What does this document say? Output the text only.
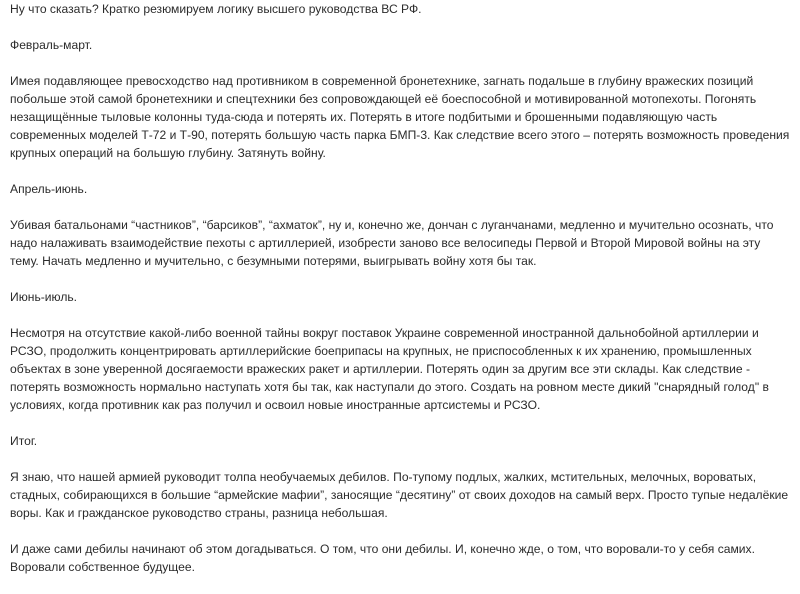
Ну что сказать? Кратко резюмируем логику высшего руководства ВС РФ.

Февраль-март.

Имея подавляющее превосходство над противником в современной бронетехнике, загнать подальше в глубину вражеских позиций побольше этой самой бронетехники и спецтехники без сопровождающей её боеспособной и мотивированной мотопехоты. Погонять незащищённые тыловые колонны туда-сюда и потерять их. Потерять в итоге подбитыми и брошенными подавляющую часть современных моделей Т-72 и Т-90, потерять большую часть парка БМП-3. Как следствие всего этого – потерять возможность проведения крупных операций на большую глубину. Затянуть войну.

Апрель-июнь.

Убивая батальонами “частников”, “барсиков”, “ахматок”, ну и, конечно же, дончан с луганчанами, медленно и мучительно осознать, что надо налаживать взаимодействие пехоты с артиллерией, изобрести заново все велосипеды Первой и Второй Мировой войны на эту тему. Начать медленно и мучительно, с безумными потерями, выигрывать войну хотя бы так.

Июнь-июль.

Несмотря на отсутствие какой-либо военной тайны вокруг поставок Украине современной иностранной дальнобойной артиллерии и РСЗО, продолжить концентрировать артиллерийские боеприпасы на крупных, не приспособленных к их хранению, промышленных объектах в зоне уверенной досягаемости вражеских ракет и артиллерии. Потерять один за другим все эти склады. Как следствие - потерять возможность нормально наступать хотя бы так, как наступали до этого. Создать на ровном месте дикий "снарядный голод" в условиях, когда противник как раз получил и освоил новые иностранные артсистемы и РСЗО.

Итог.

Я знаю, что нашей армией руководит толпа необучаемых дебилов. По-тупому подлых, жалких, мстительных, мелочных, вороватых, стадных, собирающихся в большие “армейские мафии”, заносящие “десятину” от своих доходов на самый верх. Просто тупые недалёкие воры. Как и гражданское руководство страны, разница небольшая.

И даже сами дебилы начинают об этом догадываться. О том, что они дебилы. И, конечно жде, о том, что воровали-то у себя самих. Воровали собственное будущее.
